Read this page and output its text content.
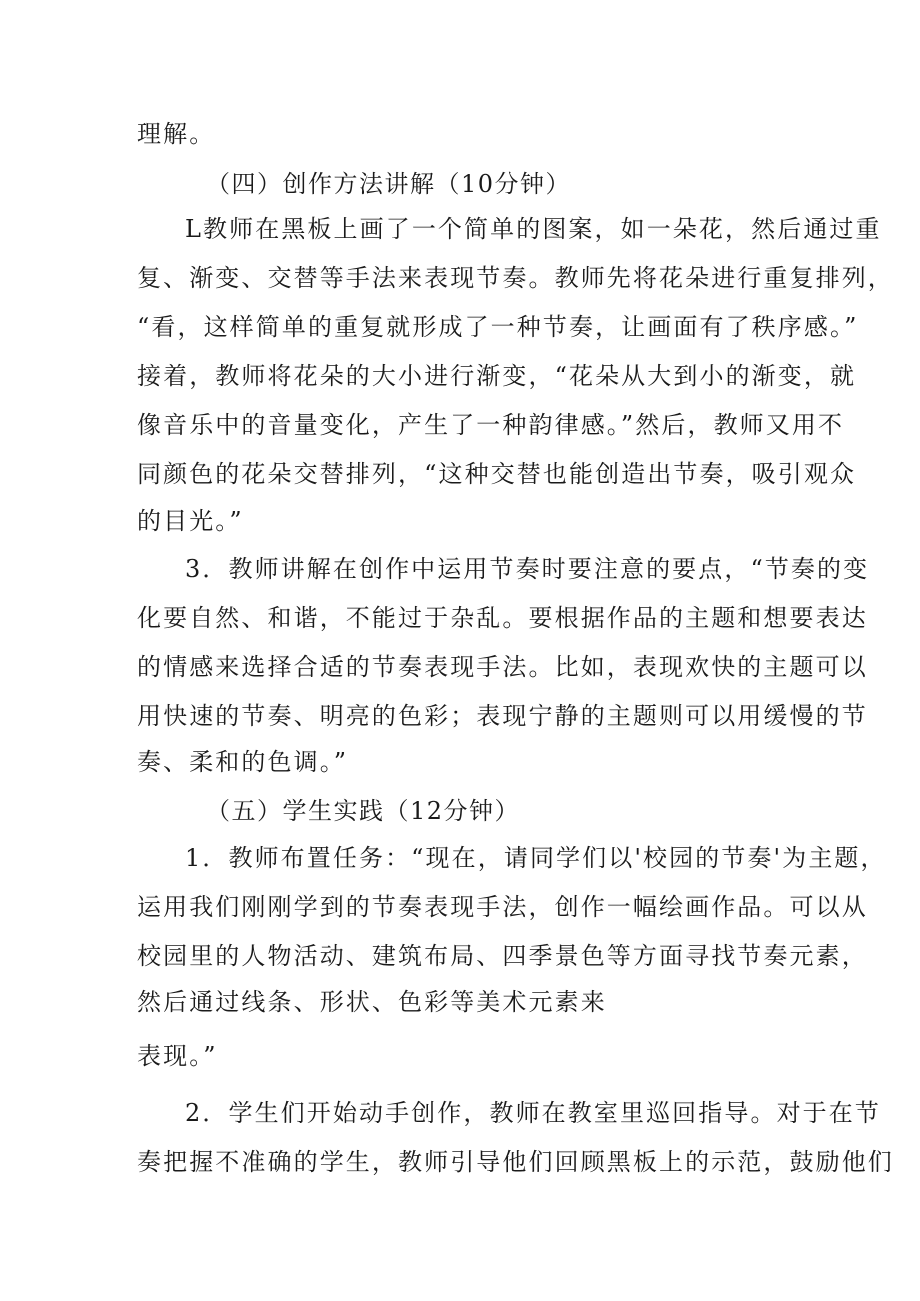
理解。
（四）创作方法讲解（10分钟）
L教师在黑板上画了一个简单的图案，如一朵花，然后通过重
复、渐变、交替等手法来表现节奏。教师先将花朵进行重复排列，
“看，这样简单的重复就形成了一种节奏，让画面有了秩序感。”
接着，教师将花朵的大小进行渐变，“花朵从大到小的渐变，就
像音乐中的音量变化，产生了一种韵律感。”然后，教师又用不
同颜色的花朵交替排列，“这种交替也能创造出节奏，吸引观众
的目光。”
3．教师讲解在创作中运用节奏时要注意的要点，“节奏的变
化要自然、和谐，不能过于杂乱。要根据作品的主题和想要表达
的情感来选择合适的节奏表现手法。比如，表现欢快的主题可以
用快速的节奏、明亮的色彩；表现宁静的主题则可以用缓慢的节
奏、柔和的色调。”
（五）学生实践（12分钟）
1．教师布置任务：“现在，请同学们以'校园的节奏'为主题，
运用我们刚刚学到的节奏表现手法，创作一幅绘画作品。可以从
校园里的人物活动、建筑布局、四季景色等方面寻找节奏元素，
然后通过线条、形状、色彩等美术元素来
表现。”
2．学生们开始动手创作，教师在教室里巡回指导。对于在节
奏把握不准确的学生，教师引导他们回顾黑板上的示范，鼓励他们
